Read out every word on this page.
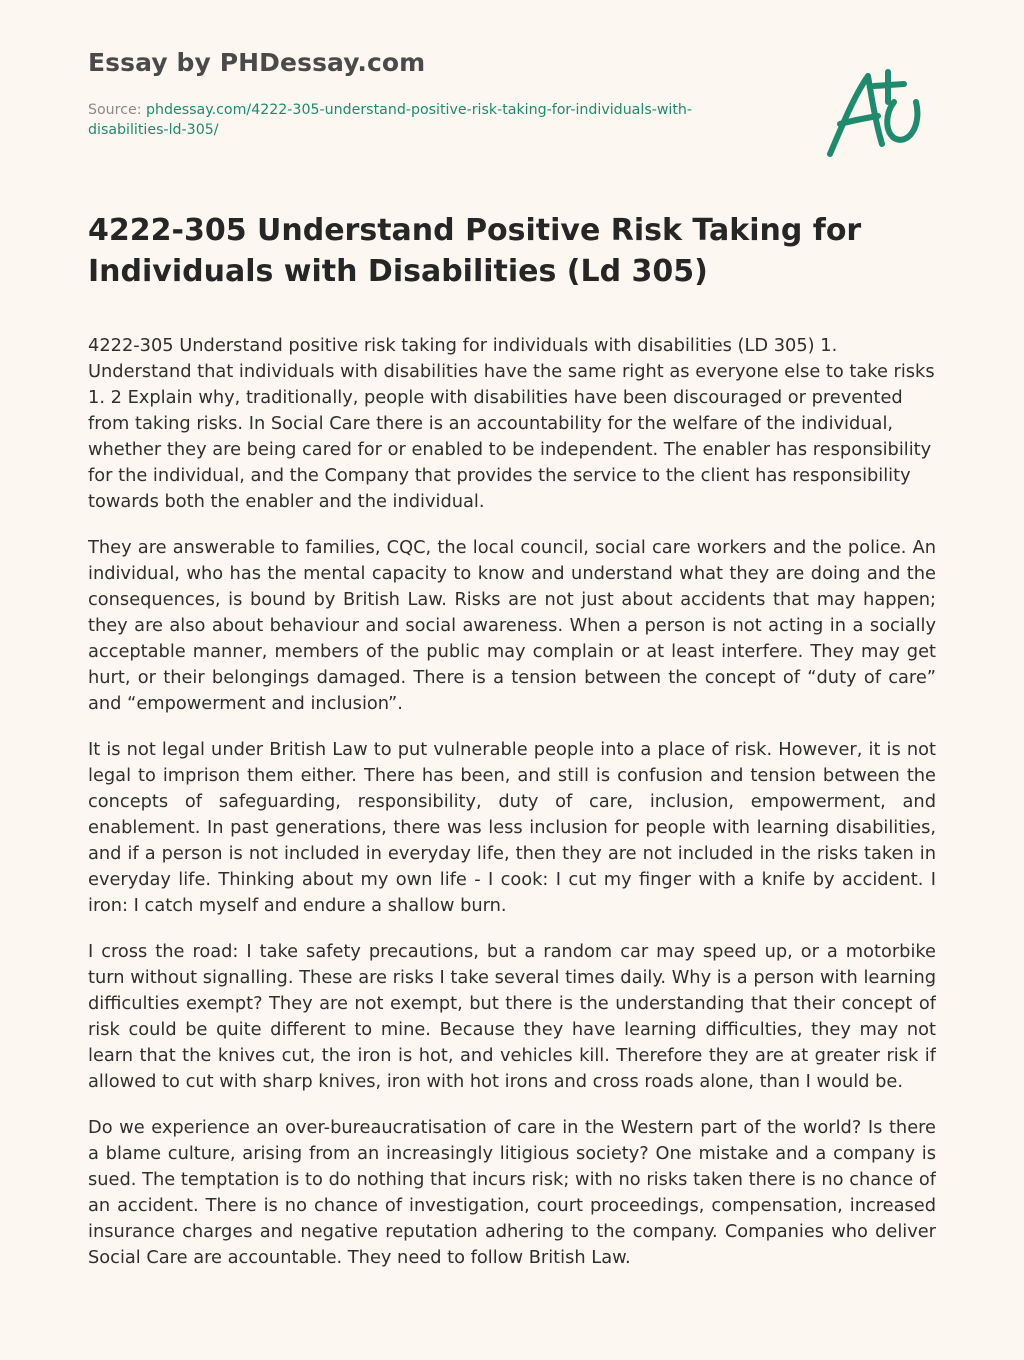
Essay by PHDessay.com
Source: phdessay.com/4222-305-understand-positive-risk-taking-for-individuals-with-disabilities-ld-305/
4222-305 Understand Positive Risk Taking for Individuals with Disabilities (Ld 305)

4222-305 Understand positive risk taking for individuals with disabilities (LD 305) 1. Understand that individuals with disabilities have the same right as everyone else to take risks 1. 2 Explain why, traditionally, people with disabilities have been discouraged or prevented from taking risks. In Social Care there is an accountability for the welfare of the individual, whether they are being cared for or enabled to be independent. The enabler has responsibility for the individual, and the Company that provides the service to the client has responsibility towards both the enabler and the individual.

They are answerable to families, CQC, the local council, social care workers and the police. An individual, who has the mental capacity to know and understand what they are doing and the consequences, is bound by British Law. Risks are not just about accidents that may happen; they are also about behaviour and social awareness. When a person is not acting in a socially acceptable manner, members of the public may complain or at least interfere. They may get hurt, or their belongings damaged. There is a tension between the concept of “duty of care” and “empowerment and inclusion”.

It is not legal under British Law to put vulnerable people into a place of risk. However, it is not legal to imprison them either. There has been, and still is confusion and tension between the concepts of safeguarding, responsibility, duty of care, inclusion, empowerment, and enablement. In past generations, there was less inclusion for people with learning disabilities, and if a person is not included in everyday life, then they are not included in the risks taken in everyday life. Thinking about my own life - I cook: I cut my finger with a knife by accident. I iron: I catch myself and endure a shallow burn.

I cross the road: I take safety precautions, but a random car may speed up, or a motorbike turn without signalling. These are risks I take several times daily. Why is a person with learning difficulties exempt? They are not exempt, but there is the understanding that their concept of risk could be quite different to mine. Because they have learning difficulties, they may not learn that the knives cut, the iron is hot, and vehicles kill. Therefore they are at greater risk if allowed to cut with sharp knives, iron with hot irons and cross roads alone, than I would be.

Do we experience an over-bureaucratisation of care in the Western part of the world? Is there a blame culture, arising from an increasingly litigious society? One mistake and a company is sued. The temptation is to do nothing that incurs risk; with no risks taken there is no chance of an accident. There is no chance of investigation, court proceedings, compensation, increased insurance charges and negative reputation adhering to the company. Companies who deliver Social Care are accountable. They need to follow British Law.
